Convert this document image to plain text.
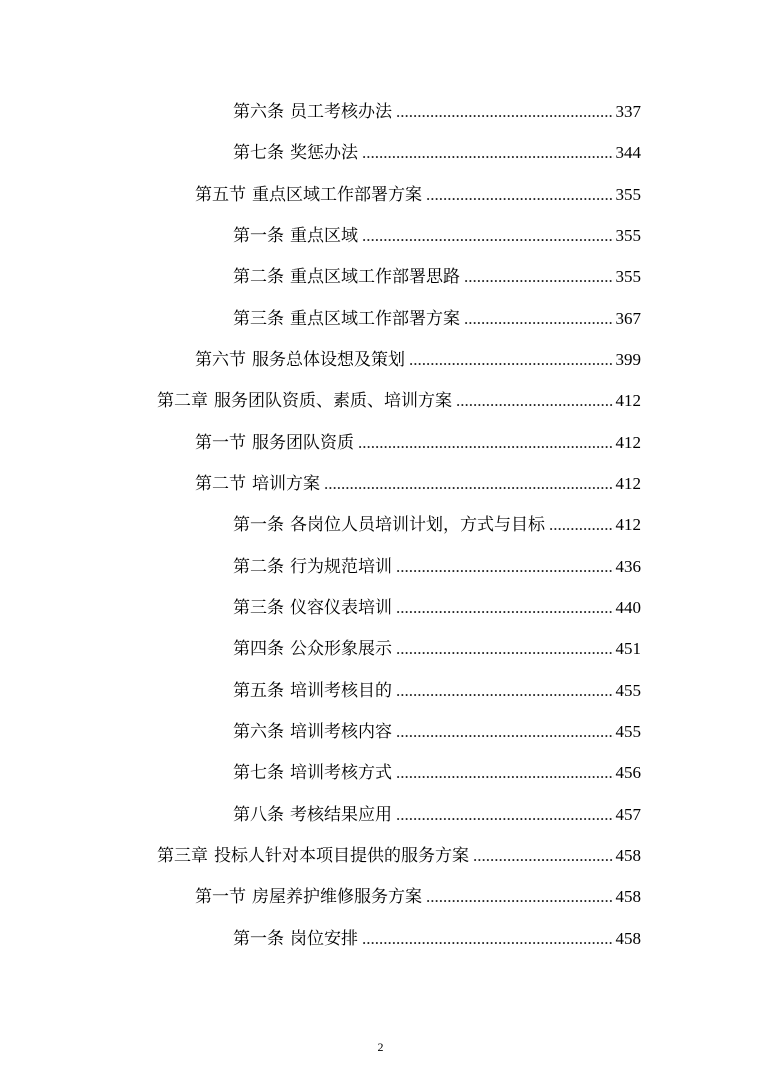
第六条 员工考核办法 .....	337
第七条 奖惩办法 .....	344
第五节 重点区域工作部署方案 .....	355
第一条 重点区域 .....	355
第二条 重点区域工作部署思路 .....	355
第三条 重点区域工作部署方案 .....	367
第六节 服务总体设想及策划 .....	399
第二章 服务团队资质、素质、培训方案 .....	412
第一节 服务团队资质 .....	412
第二节 培训方案 .....	412
第一条 各岗位人员培训计划，方式与目标 .....	412
第二条 行为规范培训 .....	436
第三条 仪容仪表培训 .....	440
第四条 公众形象展示 .....	451
第五条 培训考核目的 .....	455
第六条 培训考核内容 .....	455
第七条 培训考核方式 .....	456
第八条 考核结果应用 .....	457
第三章 投标人针对本项目提供的服务方案 .....	458
第一节 房屋养护维修服务方案 .....	458
第一条 岗位安排 .....	458
2
